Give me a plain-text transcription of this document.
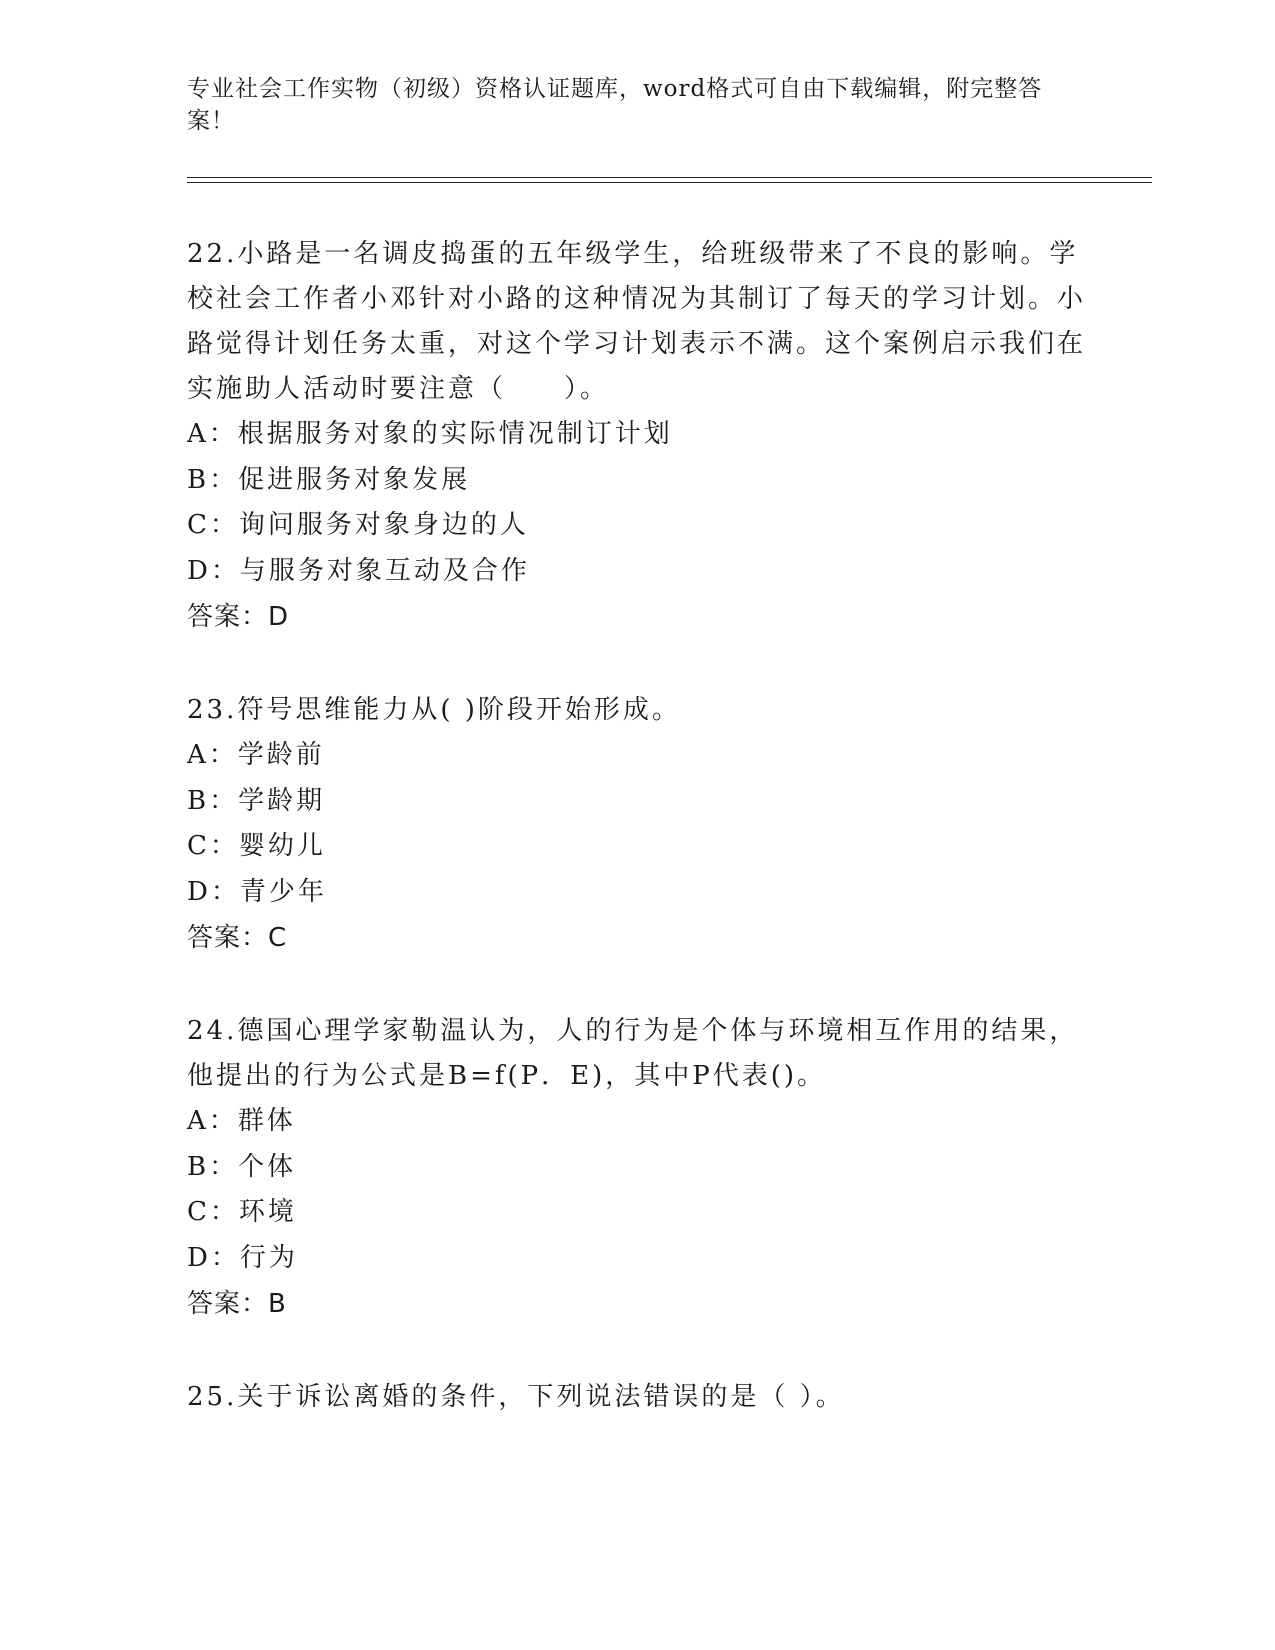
专业社会工作实物（初级）资格认证题库，word格式可自由下载编辑，附完整答案！

22.小路是一名调皮捣蛋的五年级学生，给班级带来了不良的影响。学校社会工作者小邓针对小路的这种情况为其制订了每天的学习计划。小路觉得计划任务太重，对这个学习计划表示不满。这个案例启示我们在实施助人活动时要注意（　　）。

A：根据服务对象的实际情况制订计划

B：促进服务对象发展

C：询问服务对象身边的人

D：与服务对象互动及合作

答案：D

23.符号思维能力从( )阶段开始形成。

A：学龄前

B：学龄期

C：婴幼儿

D：青少年

答案：C

24.德国心理学家勒温认为，人的行为是个体与环境相互作用的结果，他提出的行为公式是B=f(P．E)，其中P代表()。

A：群体

B：个体

C：环境

D：行为

答案：B

25.关于诉讼离婚的条件，下列说法错误的是（ ）。
